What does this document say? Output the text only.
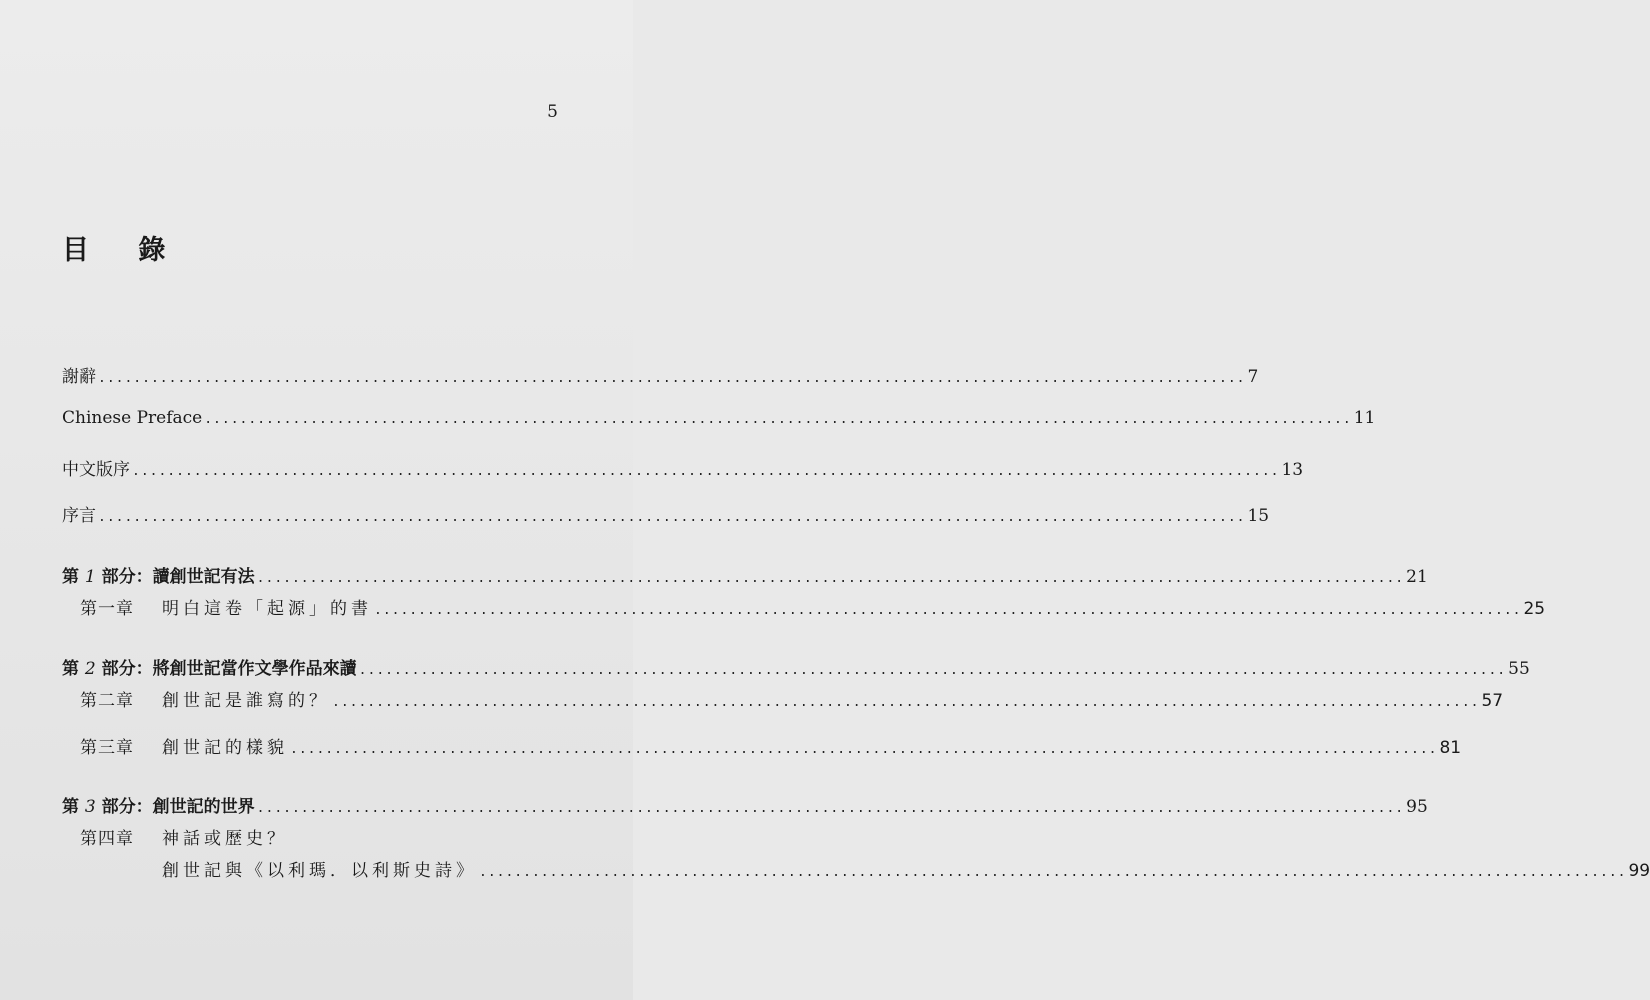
5
目 錄
謝辭 .................................................................................................................................. 7
Chinese Preface .................................................................................................................................. 11
中文版序 .................................................................................................................................. 13
序言 .................................................................................................................................. 15
第 1 部分：讀創世記有法 .................................................................................................................................. 21
第一章 明白這卷「起源」的書 .................................................................................................................................. 25
第 2 部分：將創世記當作文學作品來讀 .................................................................................................................................. 55
第二章 創世記是誰寫的？ .................................................................................................................................. 57
第三章 創世記的樣貌 .................................................................................................................................. 81
第 3 部分：創世記的世界 .................................................................................................................................. 95
第四章 神話或歷史？
創世記與《以利瑪．以利斯史詩》 .................................................................................................................................. 99
